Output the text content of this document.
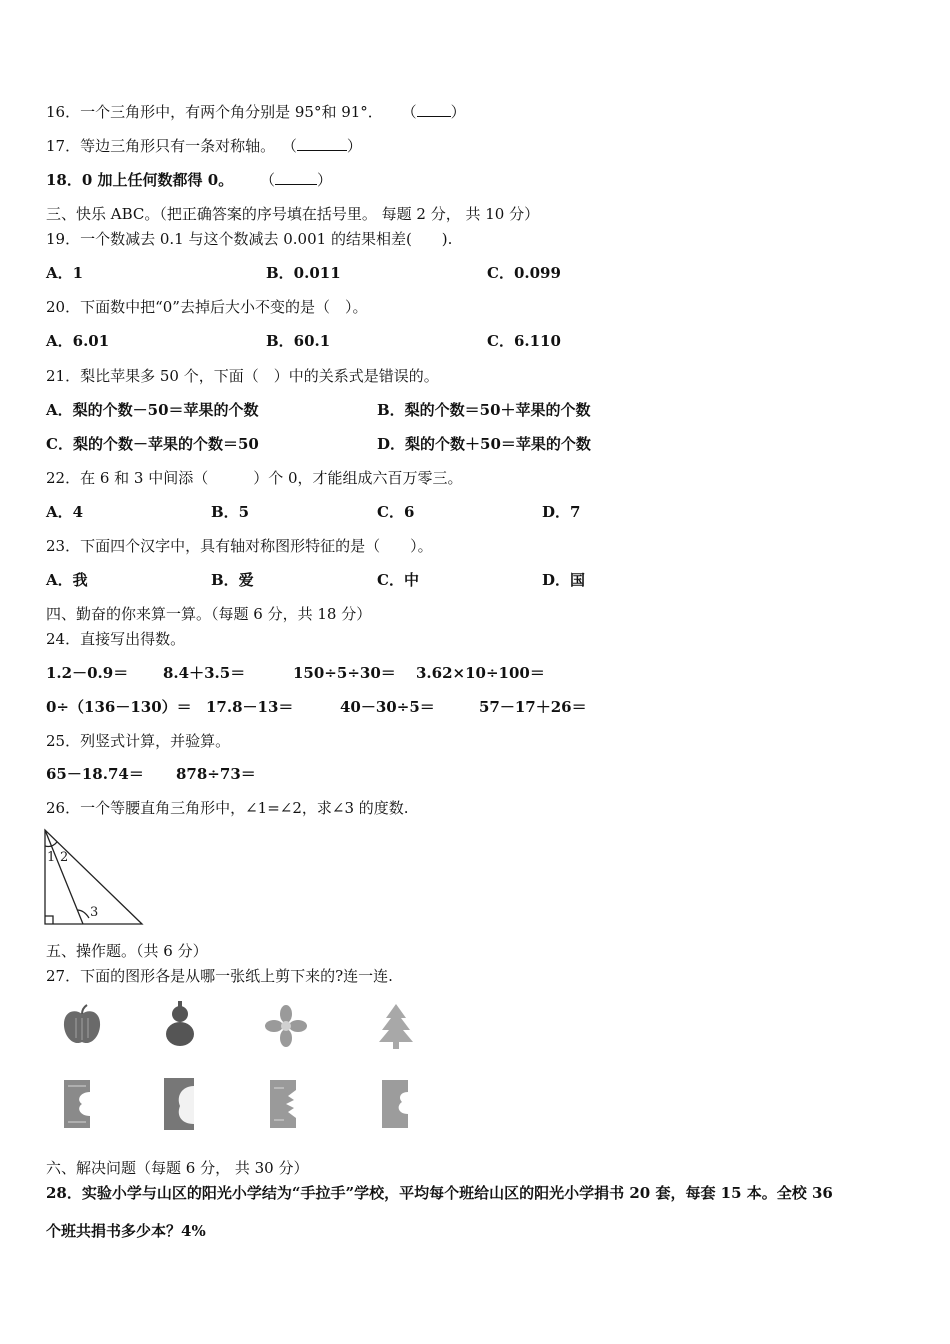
16．一个三角形中，有两个角分别是 95°和 91°． （ ）
17．等边三角形只有一条对称轴。 （	）
18．0 加上任何数都得 0。 （	）
三、快乐 ABC。（把正确答案的序号填在括号里。 每题 2 分， 共 10 分）
19．一个数减去 0.1 与这个数减去 0.001 的结果相差(　　).
A．1	B．0.011	C．0.099
20．下面数中把“0”去掉后大小不变的是（　）。
A．6.01	B．60.1	C．6.110
21．梨比苹果多 50 个，下面（　）中的关系式是错误的。
A．梨的个数－50＝苹果的个数	B．梨的个数＝50＋苹果的个数
C．梨的个数－苹果的个数＝50	D．梨的个数＋50＝苹果的个数
22．在 6 和 3 中间添（　　　）个 0，才能组成六百万零三。
A．4	B．5	C．6	D．7
23．下面四个汉字中，具有轴对称图形特征的是（　　）。
A．我	B．爱	C．中	D．国
四、勤奋的你来算一算。（每题 6 分，共 18 分）
24．直接写出得数。
1.2－0.9＝ 8.4＋3.5＝	150÷5÷30＝ 3.62×10÷100＝
0÷（136－130）＝ 17.8－13＝	40－30÷5＝	57－17＋26＝
25．列竖式计算，并验算。
65－18.74＝ 878÷73＝
26．一个等腰直角三角形中，∠1=∠2，求∠3 的度数.
1 2
3
五、操作题。（共 6 分）
27．下面的图形各是从哪一张纸上剪下来的?连一连.
六、解决问题（每题 6 分， 共 30 分）
28．实验小学与山区的阳光小学结为“手拉手”学校，平均每个班给山区的阳光小学捐书 20 套，每套 15 本。全校 36
个班共捐书多少本？4%
